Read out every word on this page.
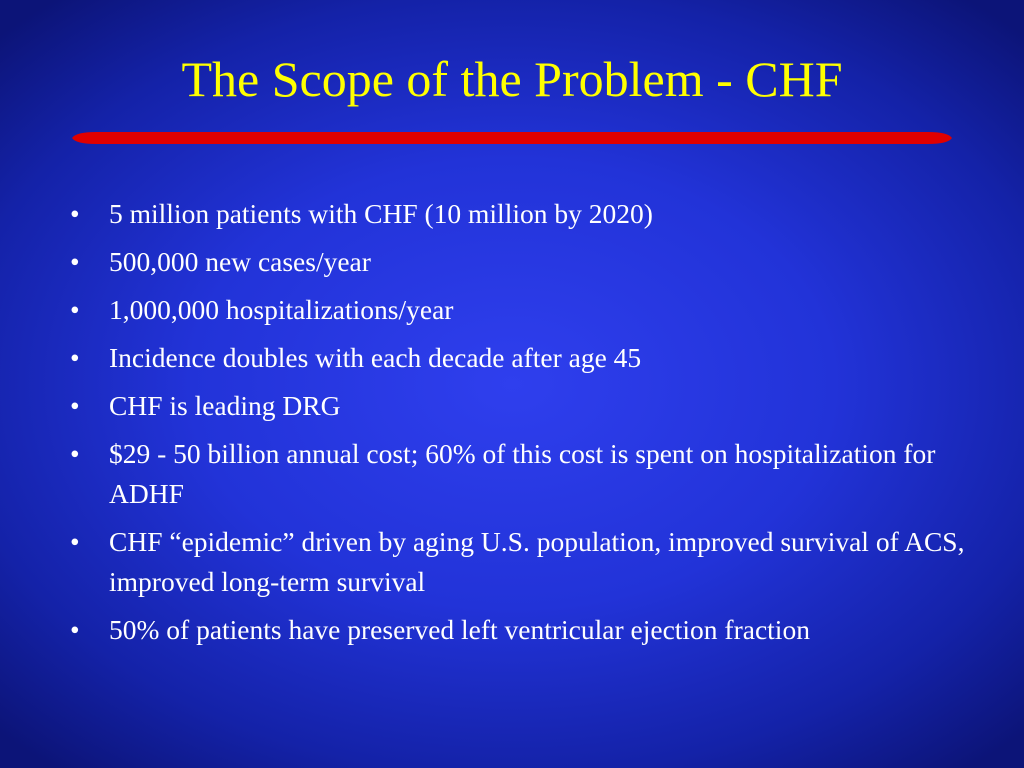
The Scope of the Problem - CHF
•	5 million patients with CHF (10 million by 2020)
•	500,000 new cases/year
•	1,000,000 hospitalizations/year
•	Incidence doubles with each decade after age 45
•	CHF is leading DRG
•	$29 - 50 billion annual cost; 60% of this cost is spent on hospitalization for ADHF
•	CHF “epidemic” driven by aging U.S. population, improved survival of ACS, improved long-term survival
•	50% of patients have preserved left ventricular ejection fraction
